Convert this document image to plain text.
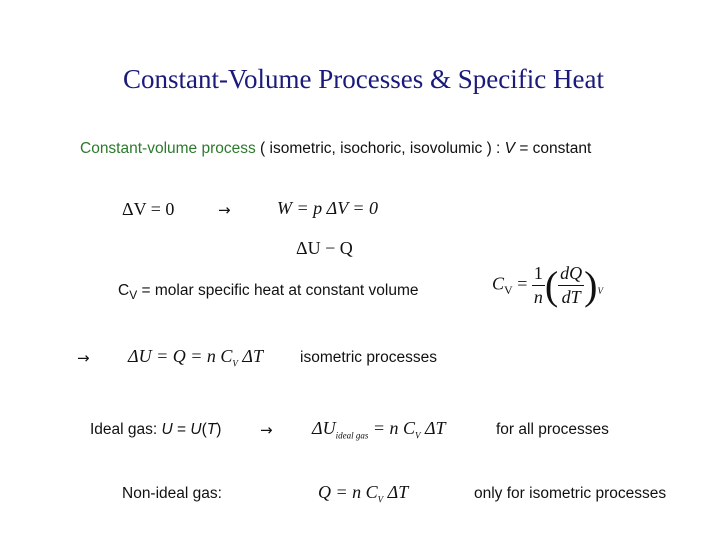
Constant-Volume Processes & Specific Heat
Constant-volume process ( isometric, isochoric, isovolumic ) : V = constant
ΔV = 0	→	W = p ΔV = 0
ΔU − Q
$C_V$ = molar specific heat at constant volume	$C_V = \frac{1}{n}$ ( $\frac{dQ}{dT} )_V$
→ ΔU = Q = n $C_V$ ΔT isometric processes
Ideal gas: U = U(T)	→ $\Delta U_{ideal gas} = n$ $C_V$ ΔT	for all processes
Non-ideal gas:	Q = n $C_V$ ΔT	only for isometric processes
